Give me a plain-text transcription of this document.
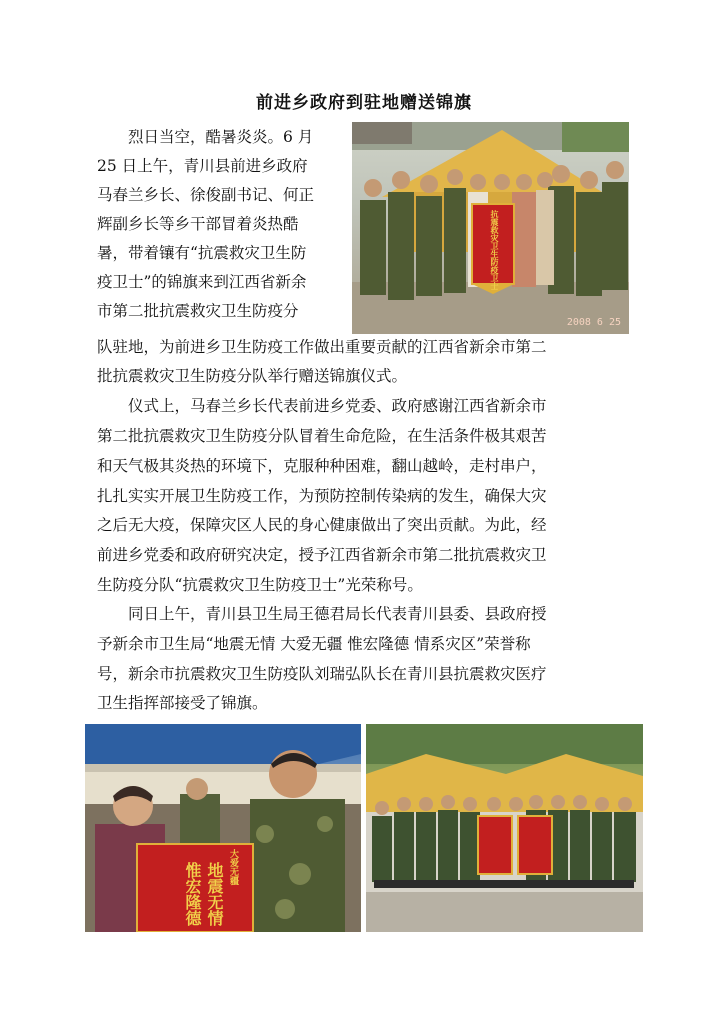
前进乡政府到驻地赠送锦旗
　　烈日当空，酷暑炎炎。6 月
25 日上午，青川县前进乡政府
马春兰乡长、徐俊副书记、何正
辉副乡长等乡干部冒着炎热酷
暑，带着镶有“抗震救灾卫生防
疫卫士”的锦旗来到江西省新余
市第二批抗震救灾卫生防疫分
队驻地，为前进乡卫生防疫工作做出重要贡献的江西省新余市第二
批抗震救灾卫生防疫分队举行赠送锦旗仪式。
　　仪式上，马春兰乡长代表前进乡党委、政府感谢江西省新余市
第二批抗震救灾卫生防疫分队冒着生命危险，在生活条件极其艰苦
和天气极其炎热的环境下，克服种种困难，翻山越岭，走村串户，
扎扎实实开展卫生防疫工作，为预防控制传染病的发生，确保大灾
之后无大疫，保障灾区人民的身心健康做出了突出贡献。为此，经
前进乡党委和政府研究决定，授予江西省新余市第二批抗震救灾卫
生防疫分队“抗震救灾卫生防疫卫士”光荣称号。
　　同日上午，青川县卫生局王德君局长代表青川县委、县政府授
予新余市卫生局“地震无情 大爱无疆 惟宏隆德 情系灾区”荣誉称
号，新余市抗震救灾卫生防疫队刘瑞弘队长在青川县抗震救灾医疗
卫生指挥部接受了锦旗。
2008 6 25
抗震救灾卫生防疫卫士
地震无情
惟宏隆德	大爱无疆
